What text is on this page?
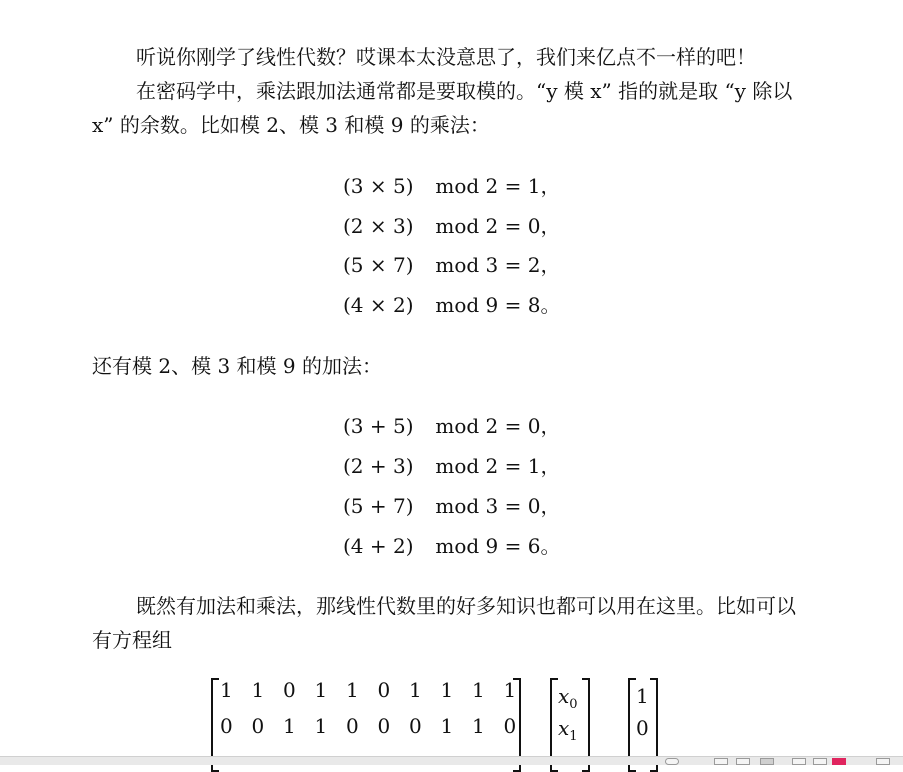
听说你刚学了线性代数？哎课本太没意思了，我们来亿点不一样的吧！

在密码学中，乘法跟加法通常都是要取模的。“y 模 x” 指的就是取 “y 除以 x” 的余数。比如模 2、模 3 和模 9 的乘法：

(3 × 5) mod 2 = 1，
(2 × 3) mod 2 = 0，
(5 × 7) mod 3 = 2，
(4 × 2) mod 9 = 8。

还有模 2、模 3 和模 9 的加法：

(3 + 5) mod 2 = 0，
(2 + 3) mod 2 = 1，
(5 + 7) mod 3 = 0，
(4 + 2) mod 9 = 6。

既然有加法和乘法，那线性代数里的好多知识也都可以用在这里。比如可以有方程组

1 1 0 1 1 0 1 1 1 1
0 0 1 1 0 0 0 1 1 0
$x_0$
$x_1$
1
0
